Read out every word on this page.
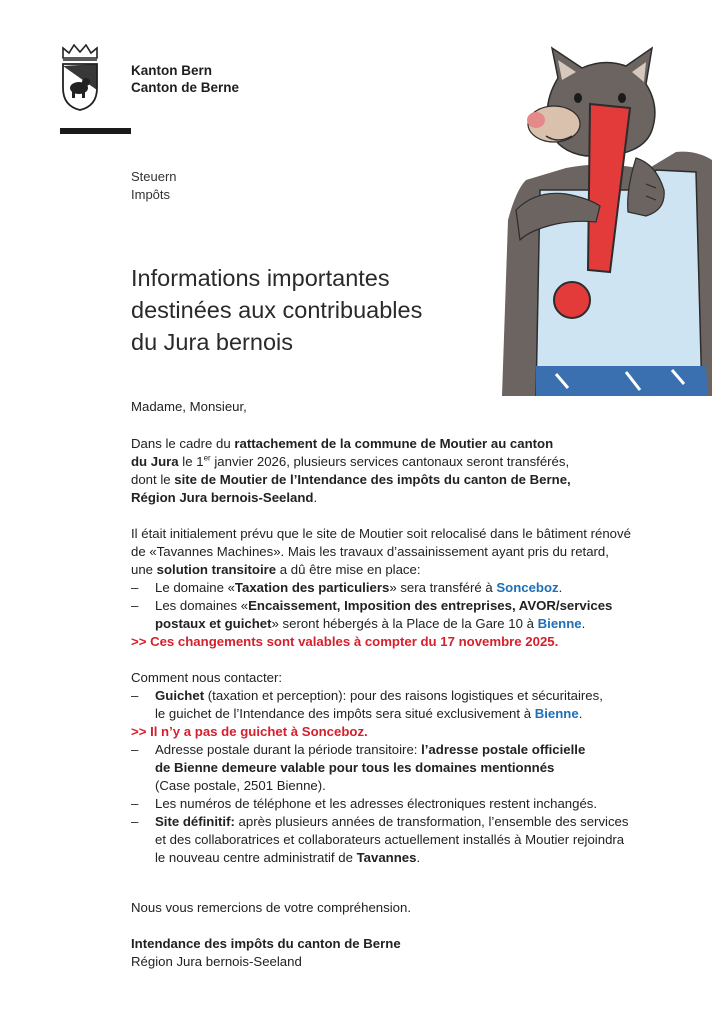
Kanton Bern
Canton de Berne
Steuern
Impôts
Informations importantes
destinées aux contribuables
du Jura bernois

Madame, Monsieur,

Dans le cadre du rattachement de la commune de Moutier au canton

du Jura le 1er janvier 2026, plusieurs services cantonaux seront transférés,

dont le site de Moutier de l’Intendance des impôts du canton de Berne,

Région Jura bernois-Seeland.

Il était initialement prévu que le site de Moutier soit relocalisé dans le bâtiment rénové

de «Tavannes Machines». Mais les travaux d’assainissement ayant pris du retard,

une solution transitoire a dû être mise en place:

– Le domaine «Taxation des particuliers» sera transféré à Sonceboz.

– Les domaines «Encaissement, Imposition des entreprises, AVOR/services

postaux et guichet» seront hébergés à la Place de la Gare 10 à Bienne.

>> Ces changements sont valables à compter du 17 novembre 2025.

Comment nous contacter:

– Guichet (taxation et perception): pour des raisons logistiques et sécuritaires,

le guichet de l’Intendance des impôts sera situé exclusivement à Bienne.

>> Il n’y a pas de guichet à Sonceboz.

– Adresse postale durant la période transitoire: l’adresse postale officielle

de Bienne demeure valable pour tous les domaines mentionnés

(Case postale, 2501 Bienne).

– Les numéros de téléphone et les adresses électroniques restent inchangés.

– Site définitif: après plusieurs années de transformation, l’ensemble des services

et des collaboratrices et collaborateurs actuellement installés à Moutier rejoindra

le nouveau centre administratif de Tavannes.

Nous vous remercions de votre compréhension.

Intendance des impôts du canton de Berne

Région Jura bernois-Seeland
